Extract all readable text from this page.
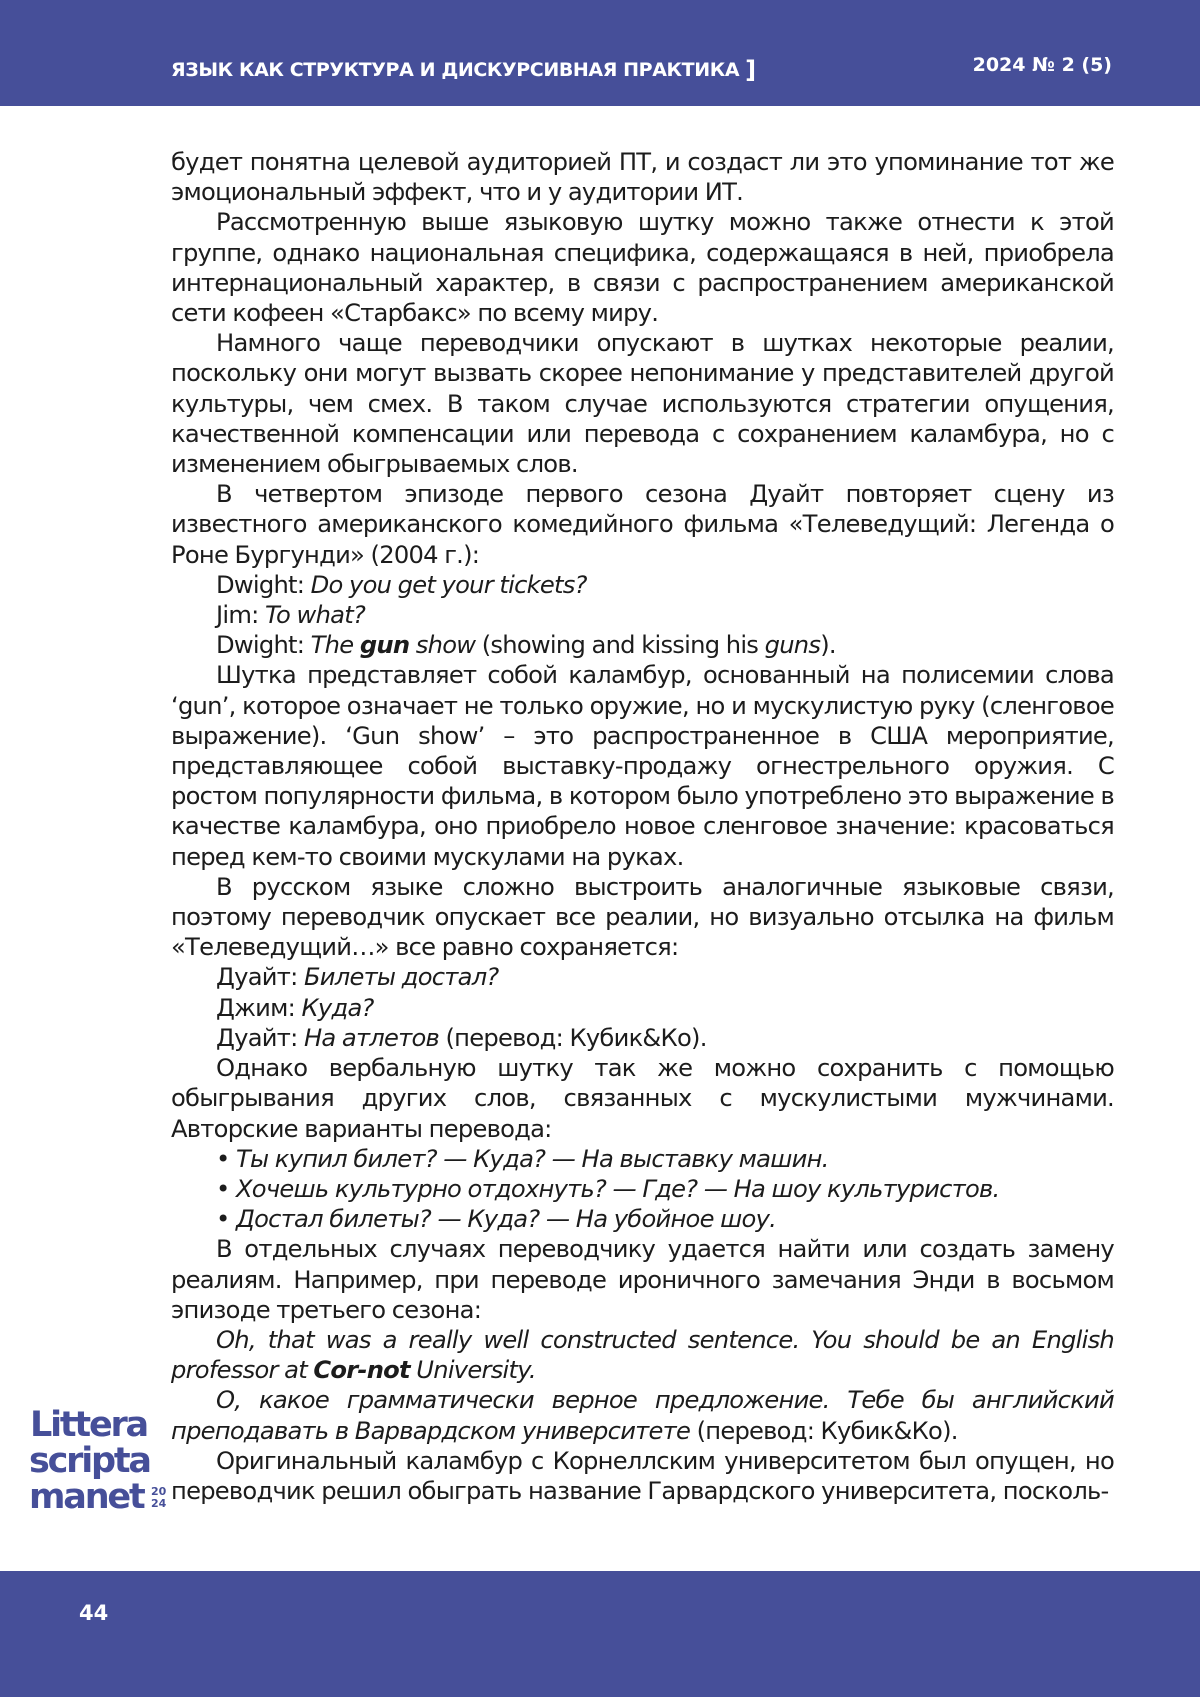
ЯЗЫК КАК СТРУКТУРА И ДИСКУРСИВНАЯ ПРАКТИКА ]	2024 № 2 (5)

будет понятна целевой аудиторией ПТ, и создаст ли это упоминание тот же эмоциональный эффект, что и у аудитории ИТ.

Рассмотренную выше языковую шутку можно также отнести к этой группе, однако национальная специфика, содержащаяся в ней, приобрела интернациональный характер, в связи с распространением американской сети кофеен «Старбакс» по всему миру.

Намного чаще переводчики опускают в шутках некоторые реалии, поскольку они могут вызвать скорее непонимание у представителей другой культуры, чем смех. В таком случае используются стратегии опущения, качественной компенсации или перевода с сохранением каламбура, но с изменением обыгрываемых слов.

В четвертом эпизоде первого сезона Дуайт повторяет сцену из известного американского комедийного фильма «Телеведущий: Легенда о Роне Бургунди» (2004 г.):

Dwight: Do you get your tickets?

Jim: To what?

Dwight: The gun show (showing and kissing his guns).

Шутка представляет собой каламбур, основанный на полисемии слова ‘gun’, которое означает не только оружие, но и мускулистую руку (сленговое выражение). ‘Gun show’ – это распространенное в США мероприятие, представляющее собой выставку-продажу огнестрельного оружия. С ростом популярности фильма, в котором было употреблено это выражение в качестве каламбура, оно приобрело новое сленговое значение: красоваться перед кем-то своими мускулами на руках.

В русском языке сложно выстроить аналогичные языковые связи, поэтому переводчик опускает все реалии, но визуально отсылка на фильм «Телеведущий…» все равно сохраняется:

Дуайт: Билеты достал?

Джим: Куда?

Дуайт: На атлетов (перевод: Кубик&Ко).

Однако вербальную шутку так же можно сохранить с помощью обыгрывания других слов, связанных с мускулистыми мужчинами. Авторские варианты перевода:

• Ты купил билет? — Куда? — На выставку машин.

• Хочешь культурно отдохнуть? — Где? — На шоу культуристов.

• Достал билеты? — Куда? — На убойное шоу.

В отдельных случаях переводчику удается найти или создать замену реалиям. Например, при переводе ироничного замечания Энди в восьмом эпизоде третьего сезона:

Oh, that was a really well constructed sentence. You should be an English professor at Cor-not University.

О, какое грамматически верное предложение. Тебе бы английский преподавать в Варвардском университете (перевод: Кубик&Ко).

Оригинальный каламбур с Корнеллским университетом был опущен, но переводчик решил обыграть название Гарвардского университета, посколь-

Littera
scripta
manet 20
24
44
